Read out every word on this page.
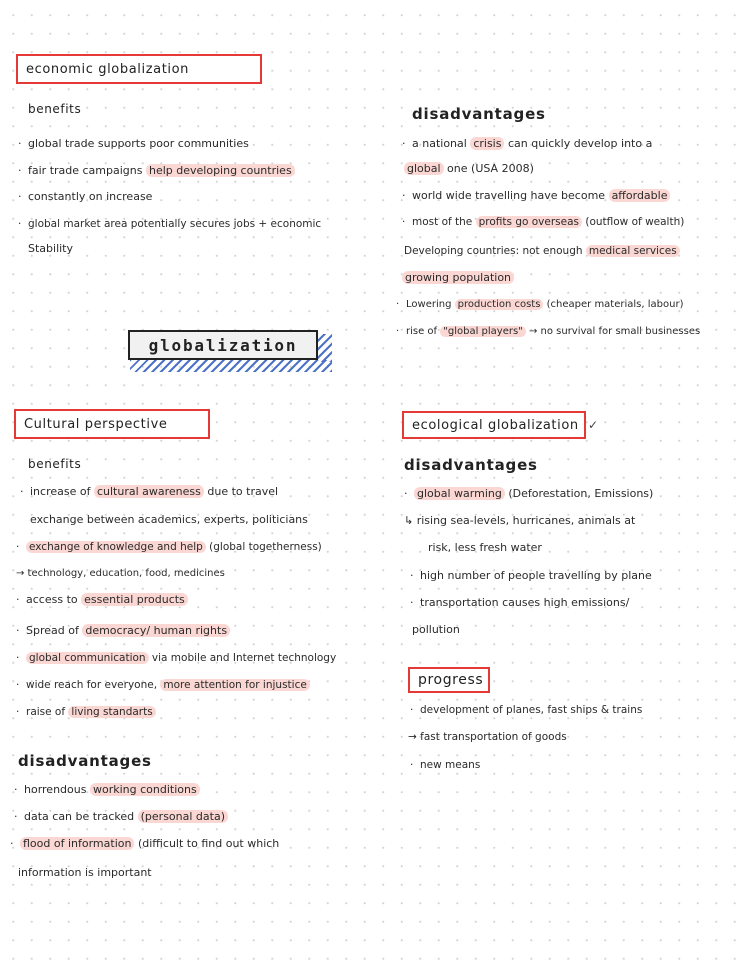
economic globalization
benefits
· global trade supports poor communities
· fair trade campaigns help developing countries
· constantly on increase
· global market area potentially secures jobs + economic
Stability
disadvantages
· a national crisis can quickly develop into a
global one (USA 2008)
· world wide travelling have become affordable
· most of the profits go overseas (outflow of wealth)
Developing countries: not enough medical services
growing population
· Lowering production costs (cheaper materials, labour)
· rise of "global players" → no survival for small businesses
globalization
Cultural perspective
benefits
· increase of cultural awareness due to travel
exchange between academics, experts, politicians
· exchange of knowledge and help (global togetherness)
→ technology, education, food, medicines
· access to essential products
· Spread of democracy/ human rights
· global communication via mobile and Internet technology
· wide reach for everyone, more attention for injustice
· raise of living standarts
disadvantages
· horrendous working conditions
· data can be tracked (personal data)
· flood of information (difficult to find out which
information is important
ecological globalization ✓
disadvantages
· global warming (Deforestation, Emissions)
↳ rising sea-levels, hurricanes, animals at
risk, less fresh water
· high number of people travelling by plane
· transportation causes high emissions/
pollution
progress
· development of planes, fast ships & trains
→ fast transportation of goods
· new means
